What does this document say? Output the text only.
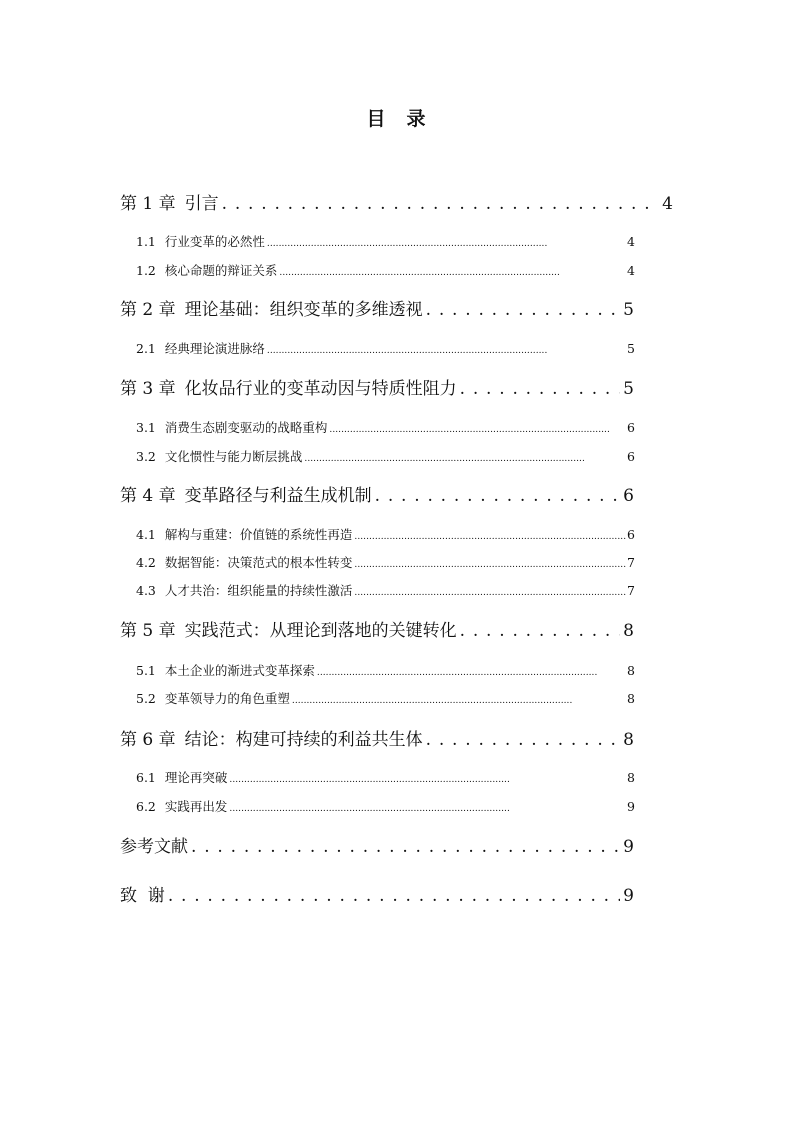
目 录
第 1 章 引言 . . .	4
1.1 行业变革的必然性 . . .	4
1.2 核心命题的辩证关系 . . .	4
第 2 章 理论基础：组织变革的多维透视 . . .	5
2.1 经典理论演进脉络 . . .	5
第 3 章 化妆品行业的变革动因与特质性阻力 . . .	5
3.1 消费生态剧变驱动的战略重构 . . .	6
3.2 文化惯性与能力断层挑战 . . .	6
第 4 章 变革路径与利益生成机制 . . .	6
4.1 解构与重建：价值链的系统性再造 . . .	6
4.2 数据智能：决策范式的根本性转变 . . .	7
4.3 人才共治：组织能量的持续性激活 . . .	7
第 5 章 实践范式：从理论到落地的关键转化 . . .	8
5.1 本土企业的渐进式变革探索 . . .	8
5.2 变革领导力的角色重塑 . . .	8
第 6 章 结论：构建可持续的利益共生体 . . .	8
6.1 理论再突破 . . .	8
6.2 实践再出发 . . .	9
参考文献 . . .	9
致  谢 . . .	9
